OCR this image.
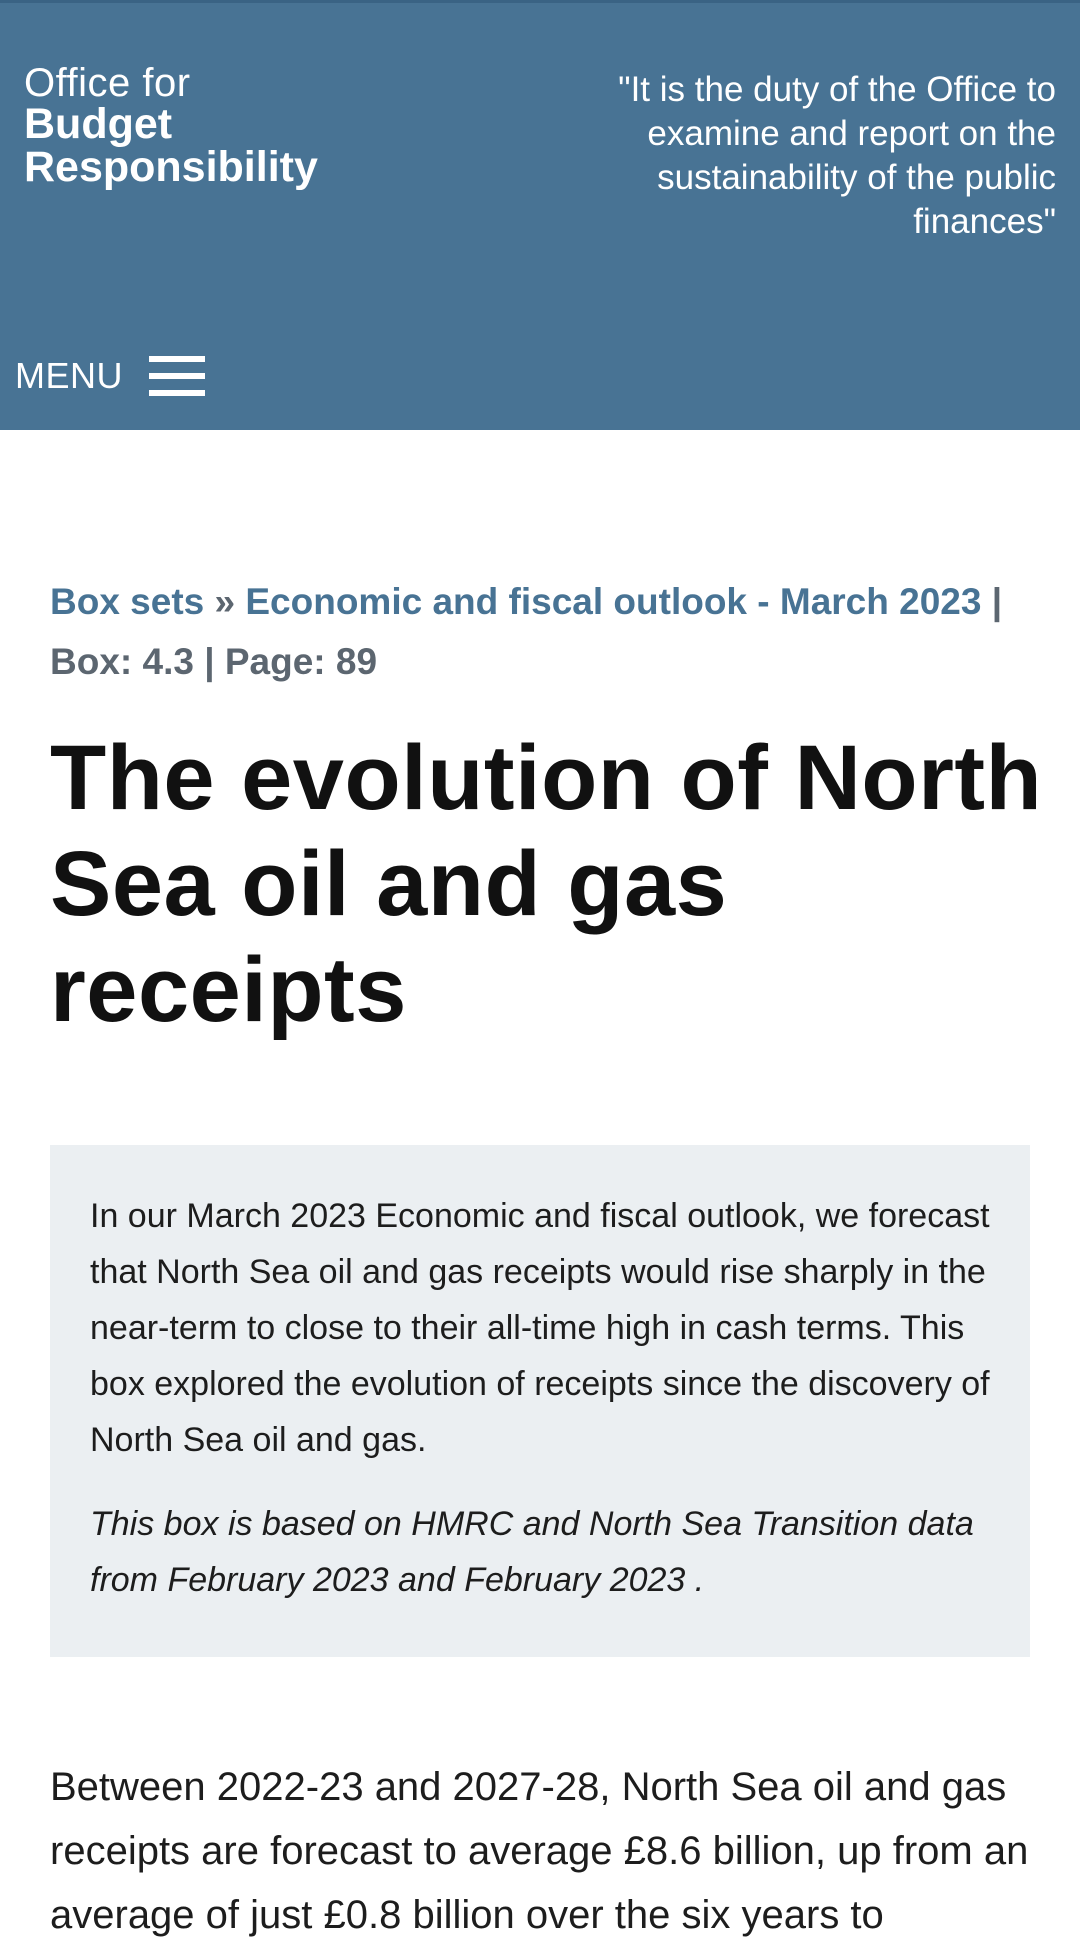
Office for
Budget
Responsibility
"It is the duty of the Office to examine and report on the sustainability of the public finances"
MENU
Box sets » Economic and fiscal outlook - March 2023 | Box: 4.3 | Page: 89
The evolution of North Sea oil and gas receipts

In our March 2023 Economic and fiscal outlook, we forecast that North Sea oil and gas receipts would rise sharply in the near-term to close to their all-time high in cash terms. This box explored the evolution of receipts since the discovery of North Sea oil and gas.

This box is based on HMRC and North Sea Transition data from February 2023 and February 2023 .

Between 2022-23 and 2027-28, North Sea oil and gas receipts are forecast to average £8.6 billion, up from an average of just £0.8 billion over the six years to
